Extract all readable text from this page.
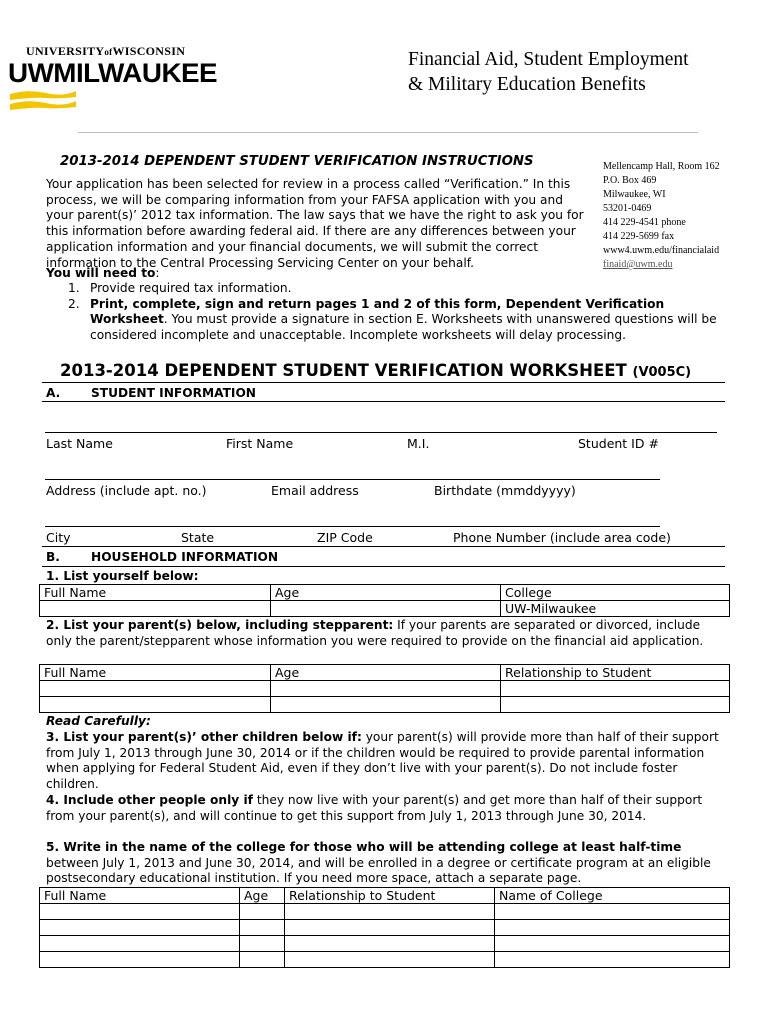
UNIVERSITYofWISCONSIN
UWMILWAUKEE	Financial Aid, Student Employment
& Military Education Benefits
Mellencamp Hall, Room 162
P.O. Box 469
Milwaukee, WI
53201-0469
414 229-4541 phone
414 229-5699 fax
www4.uwm.edu/financialaid
finaid@uwm.edu
2013-2014 DEPENDENT STUDENT VERIFICATION INSTRUCTIONS
Your application has been selected for review in a process called “Verification.” In this process, we will be comparing information from your FAFSA application with you and your parent(s)’ 2012 tax information. The law says that we have the right to ask you for this information before awarding federal aid. If there are any differences between your application information and your financial documents, we will submit the correct information to the Central Processing Servicing Center on your behalf.
You will need to:
1. Provide required tax information.
2. Print, complete, sign and return pages 1 and 2 of this form, Dependent Verification Worksheet. You must provide a signature in section E. Worksheets with unanswered questions will be considered incomplete and unacceptable. Incomplete worksheets will delay processing.
2013-2014 DEPENDENT STUDENT VERIFICATION WORKSHEET (V005C)
A.	STUDENT INFORMATION
Last Name	First Name	M.I.	Student ID #
Address (include apt. no.)	Email address	Birthdate (mmddyyyy)
City	State	ZIP Code	Phone Number (include area code)
B.	HOUSEHOLD INFORMATION
1. List yourself below:
Full Name	Age	College
		UW-Milwaukee
2. List your parent(s) below, including stepparent: If your parents are separated or divorced, include only the parent/stepparent whose information you were required to provide on the financial aid application.
Full Name	Age	Relationship to Student

Read Carefully:
3. List your parent(s)’ other children below if: your parent(s) will provide more than half of their support from July 1, 2013 through June 30, 2014 or if the children would be required to provide parental information when applying for Federal Student Aid, even if they don’t live with your parent(s). Do not include foster children.
4. Include other people only if they now live with your parent(s) and get more than half of their support from your parent(s), and will continue to get this support from July 1, 2013 through June 30, 2014.
5. Write in the name of the college for those who will be attending college at least half-time between July 1, 2013 and June 30, 2014, and will be enrolled in a degree or certificate program at an eligible postsecondary educational institution. If you need more space, attach a separate page.
Full Name	Age	Relationship to Student	Name of College
